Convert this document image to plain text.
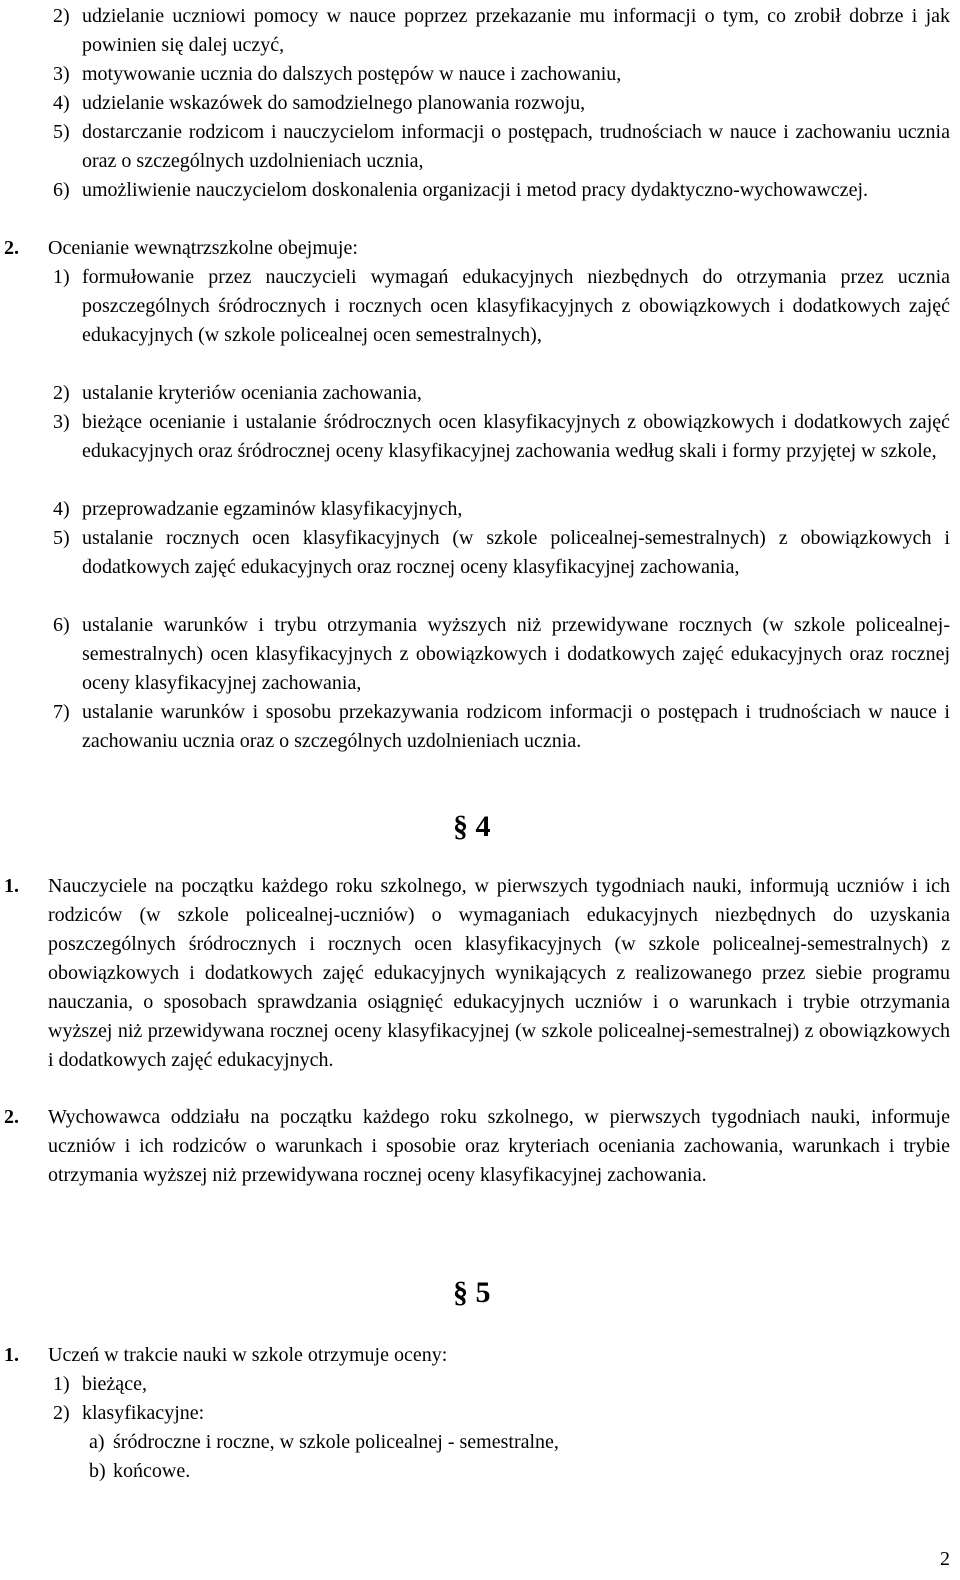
2) udzielanie uczniowi pomocy w nauce poprzez przekazanie mu informacji o tym, co zrobił dobrze i jak powinien się dalej uczyć,
3) motywowanie ucznia do dalszych postępów w nauce i zachowaniu,
4) udzielanie wskazówek do samodzielnego planowania rozwoju,
5) dostarczanie rodzicom i nauczycielom informacji o postępach, trudnościach w nauce i zachowaniu ucznia oraz o szczególnych uzdolnieniach ucznia,
6) umożliwienie nauczycielom doskonalenia organizacji i metod pracy dydaktyczno-wychowawczej.
2. Ocenianie wewnątrzszkolne obejmuje:
1) formułowanie przez nauczycieli wymagań edukacyjnych niezbędnych do otrzymania przez ucznia poszczególnych śródrocznych i rocznych ocen klasyfikacyjnych z obowiązkowych i dodatkowych zajęć edukacyjnych (w szkole policealnej ocen semestralnych),
2) ustalanie kryteriów oceniania zachowania,
3) bieżące ocenianie i ustalanie śródrocznych ocen klasyfikacyjnych z obowiązkowych i dodatkowych zajęć edukacyjnych oraz śródrocznej oceny klasyfikacyjnej zachowania według skali i formy przyjętej w szkole,
4) przeprowadzanie egzaminów klasyfikacyjnych,
5) ustalanie rocznych ocen klasyfikacyjnych (w szkole policealnej-semestralnych) z obowiązkowych i dodatkowych zajęć edukacyjnych oraz rocznej oceny klasyfikacyjnej zachowania,
6) ustalanie warunków i trybu otrzymania wyższych niż przewidywane rocznych (w szkole policealnej-semestralnych) ocen klasyfikacyjnych z obowiązkowych i dodatkowych zajęć edukacyjnych oraz rocznej oceny klasyfikacyjnej zachowania,
7) ustalanie warunków i sposobu przekazywania rodzicom informacji o postępach i trudnościach w nauce i zachowaniu ucznia oraz o szczególnych uzdolnieniach ucznia.
§ 4
1. Nauczyciele na początku każdego roku szkolnego, w pierwszych tygodniach nauki, informują uczniów i ich rodziców (w szkole policealnej-uczniów) o wymaganiach edukacyjnych niezbędnych do uzyskania poszczególnych śródrocznych i rocznych ocen klasyfikacyjnych (w szkole policealnej-semestralnych) z obowiązkowych i dodatkowych zajęć edukacyjnych wynikających z realizowanego przez siebie programu nauczania, o sposobach sprawdzania osiągnięć edukacyjnych uczniów i o warunkach i trybie otrzymania wyższej niż przewidywana rocznej oceny klasyfikacyjnej (w szkole policealnej-semestralnej) z obowiązkowych i dodatkowych zajęć edukacyjnych.
2. Wychowawca oddziału na początku każdego roku szkolnego, w pierwszych tygodniach nauki, informuje uczniów i ich rodziców o warunkach i sposobie oraz kryteriach oceniania zachowania, warunkach i trybie otrzymania wyższej niż przewidywana rocznej oceny klasyfikacyjnej zachowania.
§ 5
1. Uczeń w trakcie nauki w szkole otrzymuje oceny:
1) bieżące,
2) klasyfikacyjne:
a) śródroczne i roczne, w szkole policealnej - semestralne,
b) końcowe.
2
